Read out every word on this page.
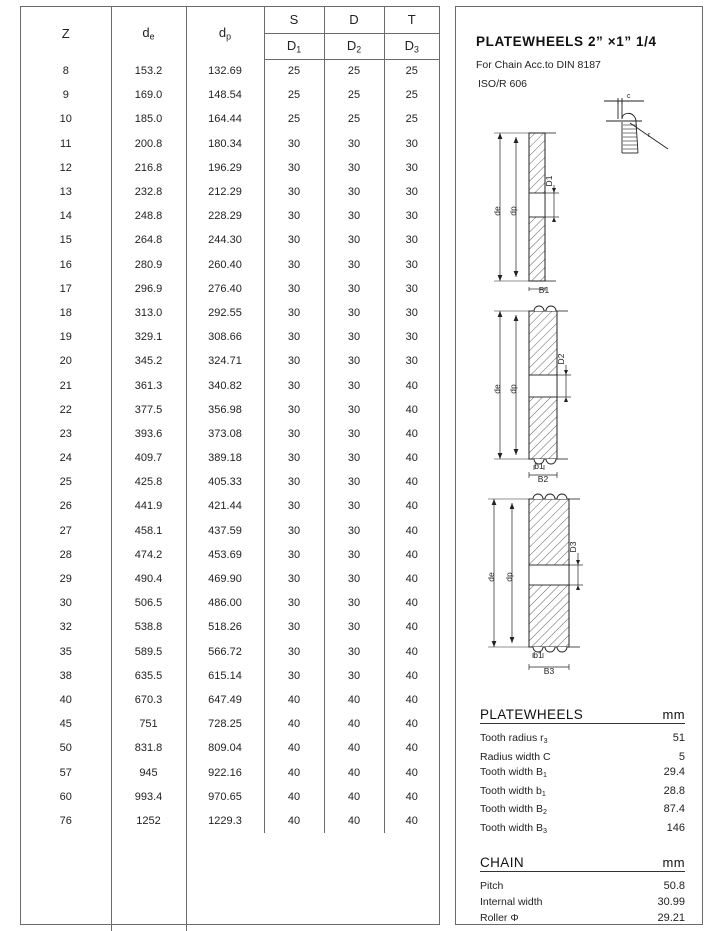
Z	$d_e$	$d_p$	S	D	T
			$D_1$	$D_2$	$D_3$
8	153.2	132.69	25	25	25
9	169.0	148.54	25	25	25
10	185.0	164.44	25	25	25
11	200.8	180.34	30	30	30
12	216.8	196.29	30	30	30
13	232.8	212.29	30	30	30
14	248.8	228.29	30	30	30
15	264.8	244.30	30	30	30
16	280.9	260.40	30	30	30
17	296.9	276.40	30	30	30
18	313.0	292.55	30	30	30
19	329.1	308.66	30	30	30
20	345.2	324.71	30	30	30
21	361.3	340.82	30	30	40
22	377.5	356.98	30	30	40
23	393.6	373.08	30	30	40
24	409.7	389.18	30	30	40
25	425.8	405.33	30	30	40
26	441.9	421.44	30	30	40
27	458.1	437.59	30	30	40
28	474.2	453.69	30	30	40
29	490.4	469.90	30	30	40
30	506.5	486.00	30	30	40
32	538.8	518.26	30	30	40
35	589.5	566.72	30	30	40
38	635.5	615.14	30	30	40
40	670.3	647.49	40	40	40
45	751	728.25	40	40	40
50	831.8	809.04	40	40	40
57	945	922.16	40	40	40
60	993.4	970.65	40	40	40
76	1252	1229.3	40	40	40

PLATEWHEELS 2” ×1” 1/4
For Chain Acc.to DIN 8187
ISO/R 606
c
r
de dp
D1
B1
de dp
D2
b1
B2
de dp
D3
b1
B3
PLATEWHEELS	mm
Tooth radius $r_3$	51
Radius width C	5
Tooth width $B_1$	29.4
Tooth width $b_1$	28.8
Tooth width $B_2$	87.4
Tooth width $B_3$	146
CHAIN	mm
Pitch	50.8
Internal width	30.99
Roller Φ	29.21
